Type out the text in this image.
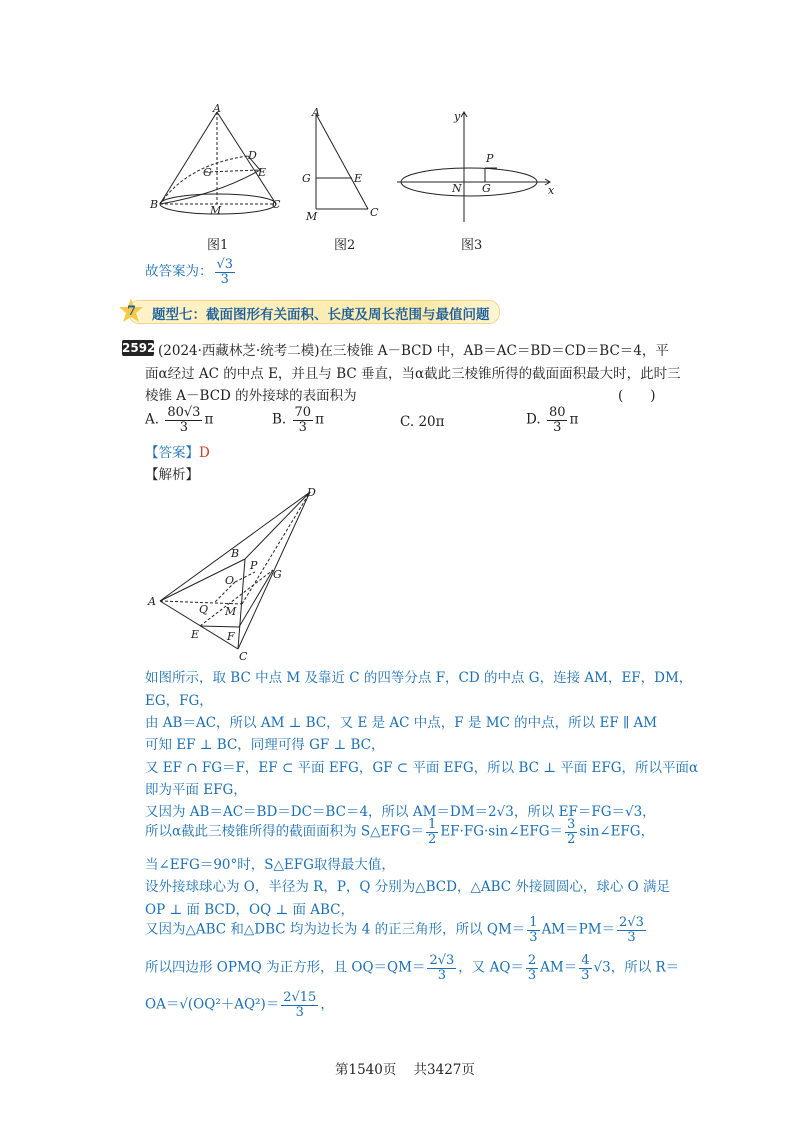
A
D
G	E
B	M	C
图1
A
G	E
M	C
图2
y
P
N G	x
图3
故答案为： $\frac{√3}{3}$
7 题型七：截面图形有关面积、长度及周长范围与最值问题
2592 (2024·西藏林芝·统考二模)在三棱锥 A－BCD 中，AB＝AC＝BD＝CD＝BC＝4，平
面α经过 AC 的中点 E，并且与 BC 垂直，当α截此三棱锥所得的截面面积最大时，此时三
棱锥 A－BCD 的外接球的表面积为	(　　)
A. $\frac{80√3}{3}$ π	B. $\frac{70}{3}$ π	C. 20π	D. $\frac{80}{3}$ π
【答案】D
【解析】
D
B
P
G
O
A
Q M
E	F
C
如图所示，取 BC 中点 M 及靠近 C 的四等分点 F，CD 的中点 G，连接 AM，EF，DM，
EG，FG，
由 AB＝AC，所以 AM ⊥ BC，又 E 是 AC 中点，F 是 MC 的中点，所以 EF ∥ AM
可知 EF ⊥ BC，同理可得 GF ⊥ BC，
又 EF ∩ FG＝F，EF ⊂ 平面 EFG，GF ⊂ 平面 EFG，所以 BC ⊥ 平面 EFG，所以平面α
即为平面 EFG，
又因为 AB＝AC＝BD＝DC＝BC＝4，所以 AM＝DM＝2√3，所以 EF＝FG＝√3，
所以α截此三棱锥所得的截面面积为 S△EFG＝ $\frac{1}{2}$ EF·FG·sin∠EFG＝ $\frac{3}{2}$ sin∠EFG，
当∠EFG＝90°时，S△EFG取得最大值，
设外接球球心为 O，半径为 R，P，Q 分别为△BCD，△ABC 外接圆圆心，球心 O 满足
OP ⊥ 面 BCD，OQ ⊥ 面 ABC，
又因为△ABC 和△DBC 均为边长为 4 的正三角形，所以 $QM= \frac{1}{3} AM=PM= \frac{2√3}{3}$
所以四边形 OPMQ 为正方形，且 $OQ=QM= \frac{2√3}{3}$ ，又 $AQ= \frac{2}{3} AM= \frac{4}{3} √3$，所以 R＝
$OA=√(OQ^2+AQ^2)= \frac{2√15}{3}$ ，
第1540页 共3427页
